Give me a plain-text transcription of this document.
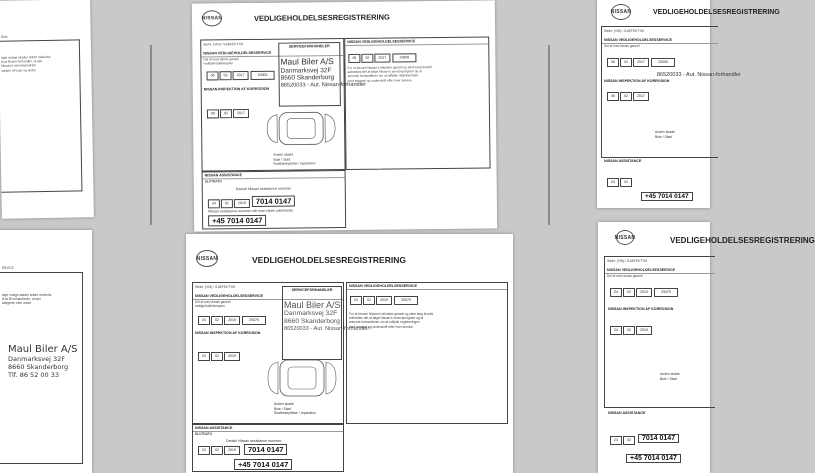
Dato
lade mulige skader anført nedenfor.
til at få den forhandler, at ejer
Nissan's serviceprogram
sælger af vogn og andre
ERVICE
tage mulige skader anført nedenfor.
til at få forhandleren, at ejer
sælgeren eller andre
Maul Biler A/S
Danmarksvej 32F
8660 Skanderborg
Tlf. 86 52 00 33
NISSAN	VEDLIGEHOLDELSESREGISTRERING
Stelnr. (VIN) / SJÆFEKTYM
NISSAN VEDLIGEHOLDELSESSERVICE
Del af med dansk garanti
vedligeholdelsesplan
SERVICEFORHANDLER
Maul Biler A/S
Danmarksvej 32F
8660 Skanderborg
86520033 - Aut. Nissan-forhandler
06	02	2017	23000
NISSAN INSPEKTION AF KORROSION
06	02	2017
Anden skade
Bule / Stød
Rustbeskyttelse / reparation
NISSAN VEDLIGEHOLDELSESSERVICE
For at bevare Nissan's tekniske garanti og sikre lang levetid
anbefales det at følge Nissan's serviceprogram og at
anmode forhandleren om at udfylde registreringen
med stempel og underskrift efter hver service.
06	02	2017	23000
NISSAN ASSISTANCE
SLUTDATO
Danish Nissan assistance nummer
24	02	2019	7014 0147
Nissan assistance nummer når man rejser udenlands
+45 7014 0147
NISSAN	VEDLIGEHOLDELSESREGISTRERING
Stelnr. (VIN) / SJÆFEKTYM
NISSAN VEDLIGEHOLDELSESSERVICE
Del af med dansk garanti
vedligeholdelsesplan
SERVICEFORHANDLER
Maul Biler A/S
Danmarksvej 32F
8660 Skanderborg
86520033 - Aut. Nissan-forhandler
24	02	2019	29379
NISSAN INSPEKTION AF KORROSION
24	02	2019
Anden skade
Bule / Stød
Rustbeskyttelse / reparation
NISSAN VEDLIGEHOLDELSESSERVICE
For at bevare Nissan's tekniske garanti og sikre lang levetid
anbefales det at følge Nissan's serviceprogram og at
anmode forhandleren om at udfylde registreringen
med stempel og underskrift efter hver service.
24	02	2019	29379
NISSAN ASSISTANCE
SLUTDATO
Danish Nissan assistance nummer
24	02	2019	7014 0147
+45 7014 0147
NISSAN	VEDLIGEHOLDELSESREGISTRERING
Stelnr. (VIN) / SJÆFEKTYM
NISSAN VEDLIGEHOLDELSESSERVICE
Del af med dansk garanti
06	02	2017	23000
86520033 - Aut. Nissan-forhandler
NISSAN INSPEKTION AF KORROSION
06	02	2017
Anden skade
Bule / Stød
NISSAN ASSISTANCE
24	02
+45 7014 0147
NISSAN	VEDLIGEHOLDELSESREGISTRERING
Stelnr. (VIN) / SJÆFEKTYM
NISSAN VEDLIGEHOLDELSESSERVICE
Del af med dansk garanti
24	02	2019	29379
NISSAN INSPEKTION AF KORROSION
24	02	2019
Anden skade
Bule / Stød
NISSAN ASSISTANCE
24	02	7014 0147
+45 7014 0147
